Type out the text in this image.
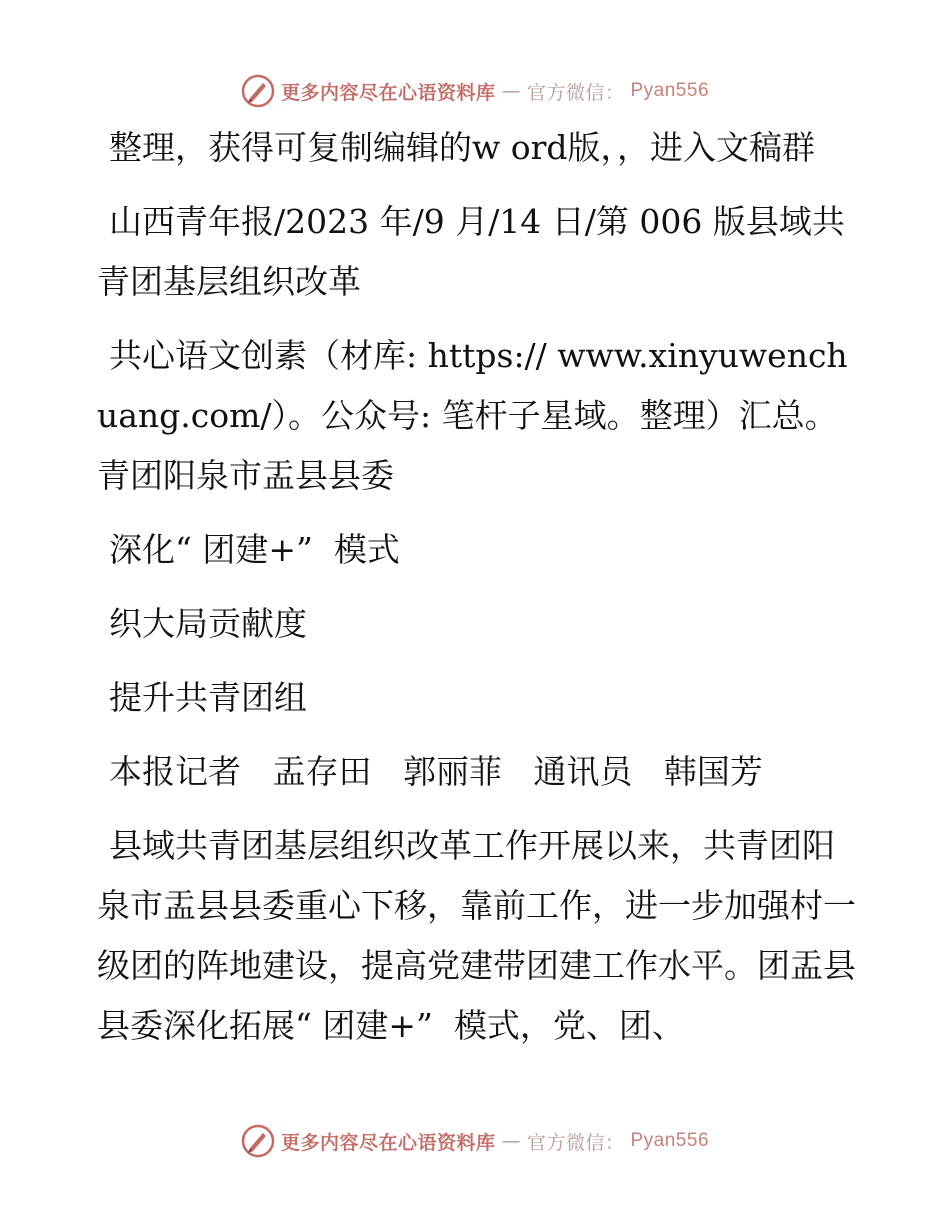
更多内容尽在心语资料库 — 官方微信： Pyan556

整理，获得可复制编辑的w ord版，，进入文稿群

山西青年报/2023 年/9 月/14 日/第 006 版县域共青团基层组织改革

共心语文创素（材库: https:// www.xinyuwenchuang.com/）。公众号: 笔杆子星域。整理）汇总。青团阳泉市盂县县委

深化“ 团建+”  模式

织大局贡献度

提升共青团组

本报记者   盂存田   郭丽菲   通讯员   韩国芳

县域共青团基层组织改革工作开展以来，共青团阳泉市盂县县委重心下移，靠前工作，进一步加强村一级团的阵地建设，提高党建带团建工作水平。团盂县县委深化拓展“ 团建+”  模式，党、团、

更多内容尽在心语资料库 — 官方微信： Pyan556
